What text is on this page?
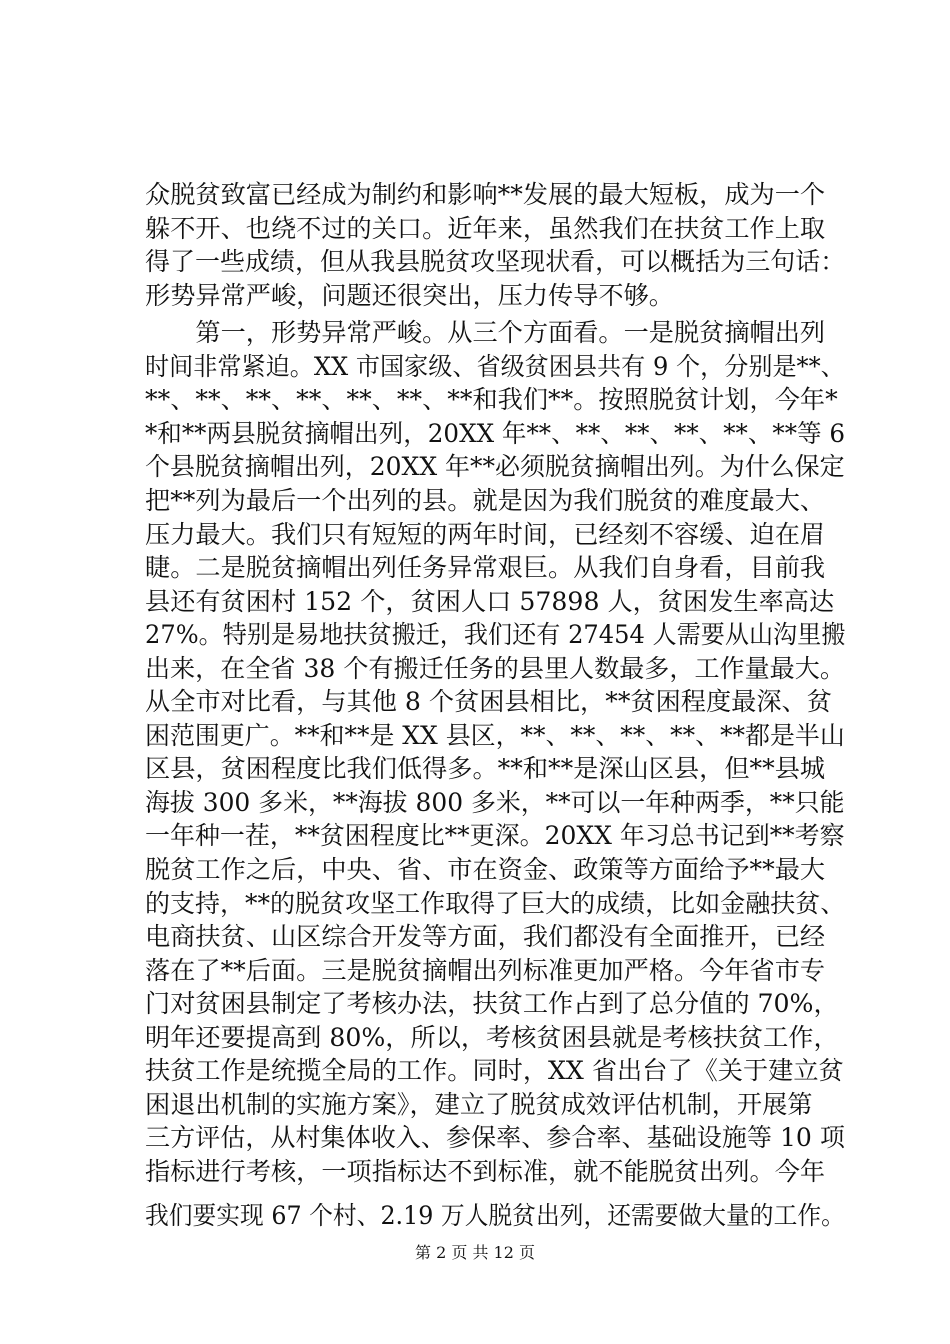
众脱贫致富已经成为制约和影响**发展的最大短板，成为一个
躲不开、也绕不过的关口。近年来，虽然我们在扶贫工作上取
得了一些成绩，但从我县脱贫攻坚现状看，可以概括为三句话：
形势异常严峻，问题还很突出，压力传导不够。
　　第一，形势异常严峻。从三个方面看。一是脱贫摘帽出列
时间非常紧迫。XX 市国家级、省级贫困县共有 9 个，分别是**、
**、**、**、**、**、**、**和我们**。按照脱贫计划，今年*
*和**两县脱贫摘帽出列，20XX 年**、**、**、**、**、**等 6
个县脱贫摘帽出列，20XX 年**必须脱贫摘帽出列。为什么保定
把**列为最后一个出列的县。就是因为我们脱贫的难度最大、
压力最大。我们只有短短的两年时间，已经刻不容缓、迫在眉
睫。二是脱贫摘帽出列任务异常艰巨。从我们自身看，目前我
县还有贫困村 152 个，贫困人口 57898 人，贫困发生率高达
27%。特别是易地扶贫搬迁，我们还有 27454 人需要从山沟里搬
出来，在全省 38 个有搬迁任务的县里人数最多，工作量最大。
从全市对比看，与其他 8 个贫困县相比，**贫困程度最深、贫
困范围更广。**和**是 XX 县区，**、**、**、**、**都是半山
区县，贫困程度比我们低得多。**和**是深山区县，但**县城
海拔 300 多米，**海拔 800 多米，**可以一年种两季，**只能
一年种一茬，**贫困程度比**更深。20XX 年习总书记到**考察
脱贫工作之后，中央、省、市在资金、政策等方面给予**最大
的支持，**的脱贫攻坚工作取得了巨大的成绩，比如金融扶贫、
电商扶贫、山区综合开发等方面，我们都没有全面推开，已经
落在了**后面。三是脱贫摘帽出列标准更加严格。今年省市专
门对贫困县制定了考核办法，扶贫工作占到了总分值的 70%，
明年还要提高到 80%，所以，考核贫困县就是考核扶贫工作，
扶贫工作是统揽全局的工作。同时，XX 省出台了《关于建立贫
困退出机制的实施方案》，建立了脱贫成效评估机制，开展第
三方评估，从村集体收入、参保率、参合率、基础设施等 10 项
指标进行考核，一项指标达不到标准，就不能脱贫出列。今年
我们要实现 67 个村、2.19 万人脱贫出列，还需要做大量的工作。
第 2 页 共 12 页
